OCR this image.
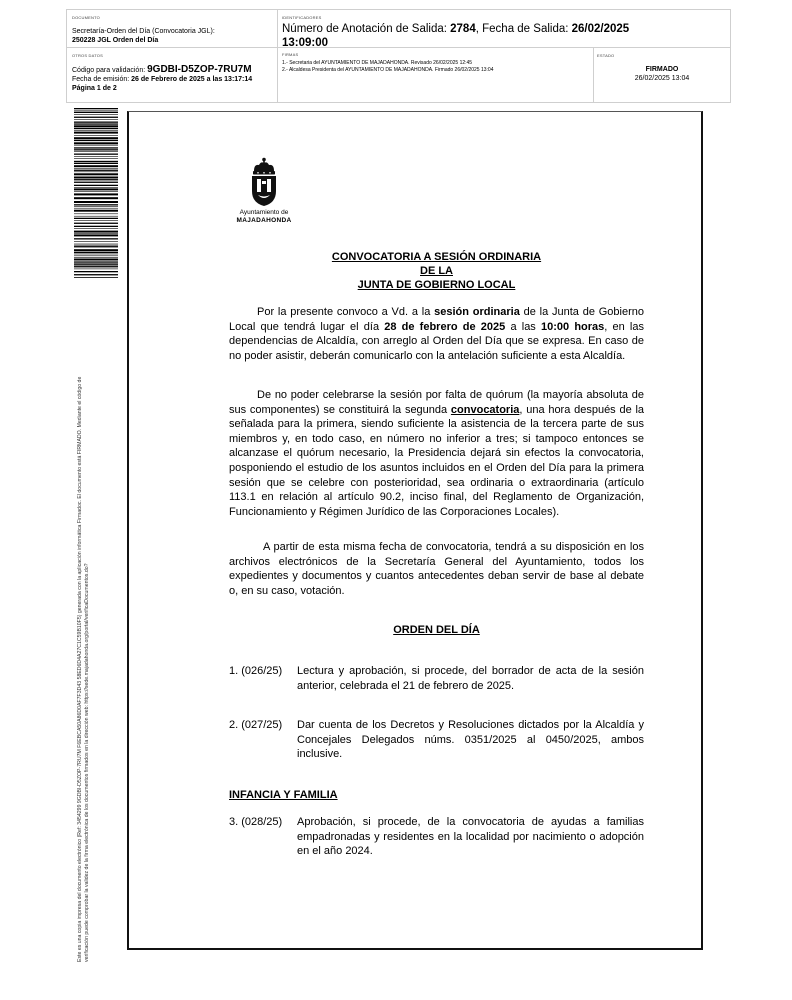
DOCUMENTO
Secretaría-Orden del Día (Convocatoria JGL):
250228 JGL Orden del Día
IDENTIFICADORES
Número de Anotación de Salida: 2784, Fecha de Salida: 26/02/2025
13:09:00
OTROS DATOS
Código para validación: 9GDBI-D5ZOP-7RU7M
Fecha de emisión: 26 de Febrero de 2025 a las 13:17:14
Página 1 de 2
FIRMAS
1.- Secretaria del AYUNTAMIENTO DE MAJADAHONDA. Revisado 26/02/2025 12:45
2.- Alcaldesa Presidenta del AYUNTAMIENTO DE MAJADAHONDA. Firmado 26/02/2025 13:04
ESTADO
FIRMADO
26/02/2025 13:04
Este es una copia impresa del documento electrónico (Ref: 3454299 9GDBI-D5ZOP-7RU7M F6EBCA50A86D0AF7F3D43 58ED6D4A27C1C59B10F5) generada con la aplicación informática Firmadoc. El documento está FIRMADO. Mediante el código de verificación puede comprobar la validez de la firma electrónica de los documentos firmados en la dirección web: https://sede.majadahonda.org/portal/verificaDocumentos.do?
Ayuntamiento de
MAJADAHONDA
CONVOCATORIA A SESIÓN ORDINARIA
DE LA
JUNTA DE GOBIERNO LOCAL
Por la presente convoco a Vd. a la sesión ordinaria de la Junta de Gobierno Local que tendrá lugar el día 28 de febrero de 2025 a las 10:00 horas, en las dependencias de Alcaldía, con arreglo al Orden del Día que se expresa. En caso de no poder asistir, deberán comunicarlo con la antelación suficiente a esta Alcaldía.
De no poder celebrarse la sesión por falta de quórum (la mayoría absoluta de sus componentes) se constituirá la segunda convocatoria, una hora después de la señalada para la primera, siendo suficiente la asistencia de la tercera parte de sus miembros y, en todo caso, en número no inferior a tres; si tampoco entonces se alcanzase el quórum necesario, la Presidencia dejará sin efectos la convocatoria, posponiendo el estudio de los asuntos incluidos en el Orden del Día para la primera sesión que se celebre con posterioridad, sea ordinaria o extraordinaria (artículo 113.1 en relación al artículo 90.2, inciso final, del Reglamento de Organización, Funcionamiento y Régimen Jurídico de las Corporaciones Locales).
A partir de esta misma fecha de convocatoria, tendrá a su disposición en los archivos electrónicos de la Secretaría General del Ayuntamiento, todos los expedientes y documentos y cuantos antecedentes deban servir de base al debate o, en su caso, votación.
ORDEN DEL DÍA
1. (026/25) Lectura y aprobación, si procede, del borrador de acta de la sesión anterior, celebrada el 21 de febrero de 2025.
2. (027/25) Dar cuenta de los Decretos y Resoluciones dictados por la Alcaldía y Concejales Delegados núms. 0351/2025 al 0450/2025, ambos inclusive.
INFANCIA Y FAMILIA
3. (028/25) Aprobación, si procede, de la convocatoria de ayudas a familias empadronadas y residentes en la localidad por nacimiento o adopción en el año 2024.
